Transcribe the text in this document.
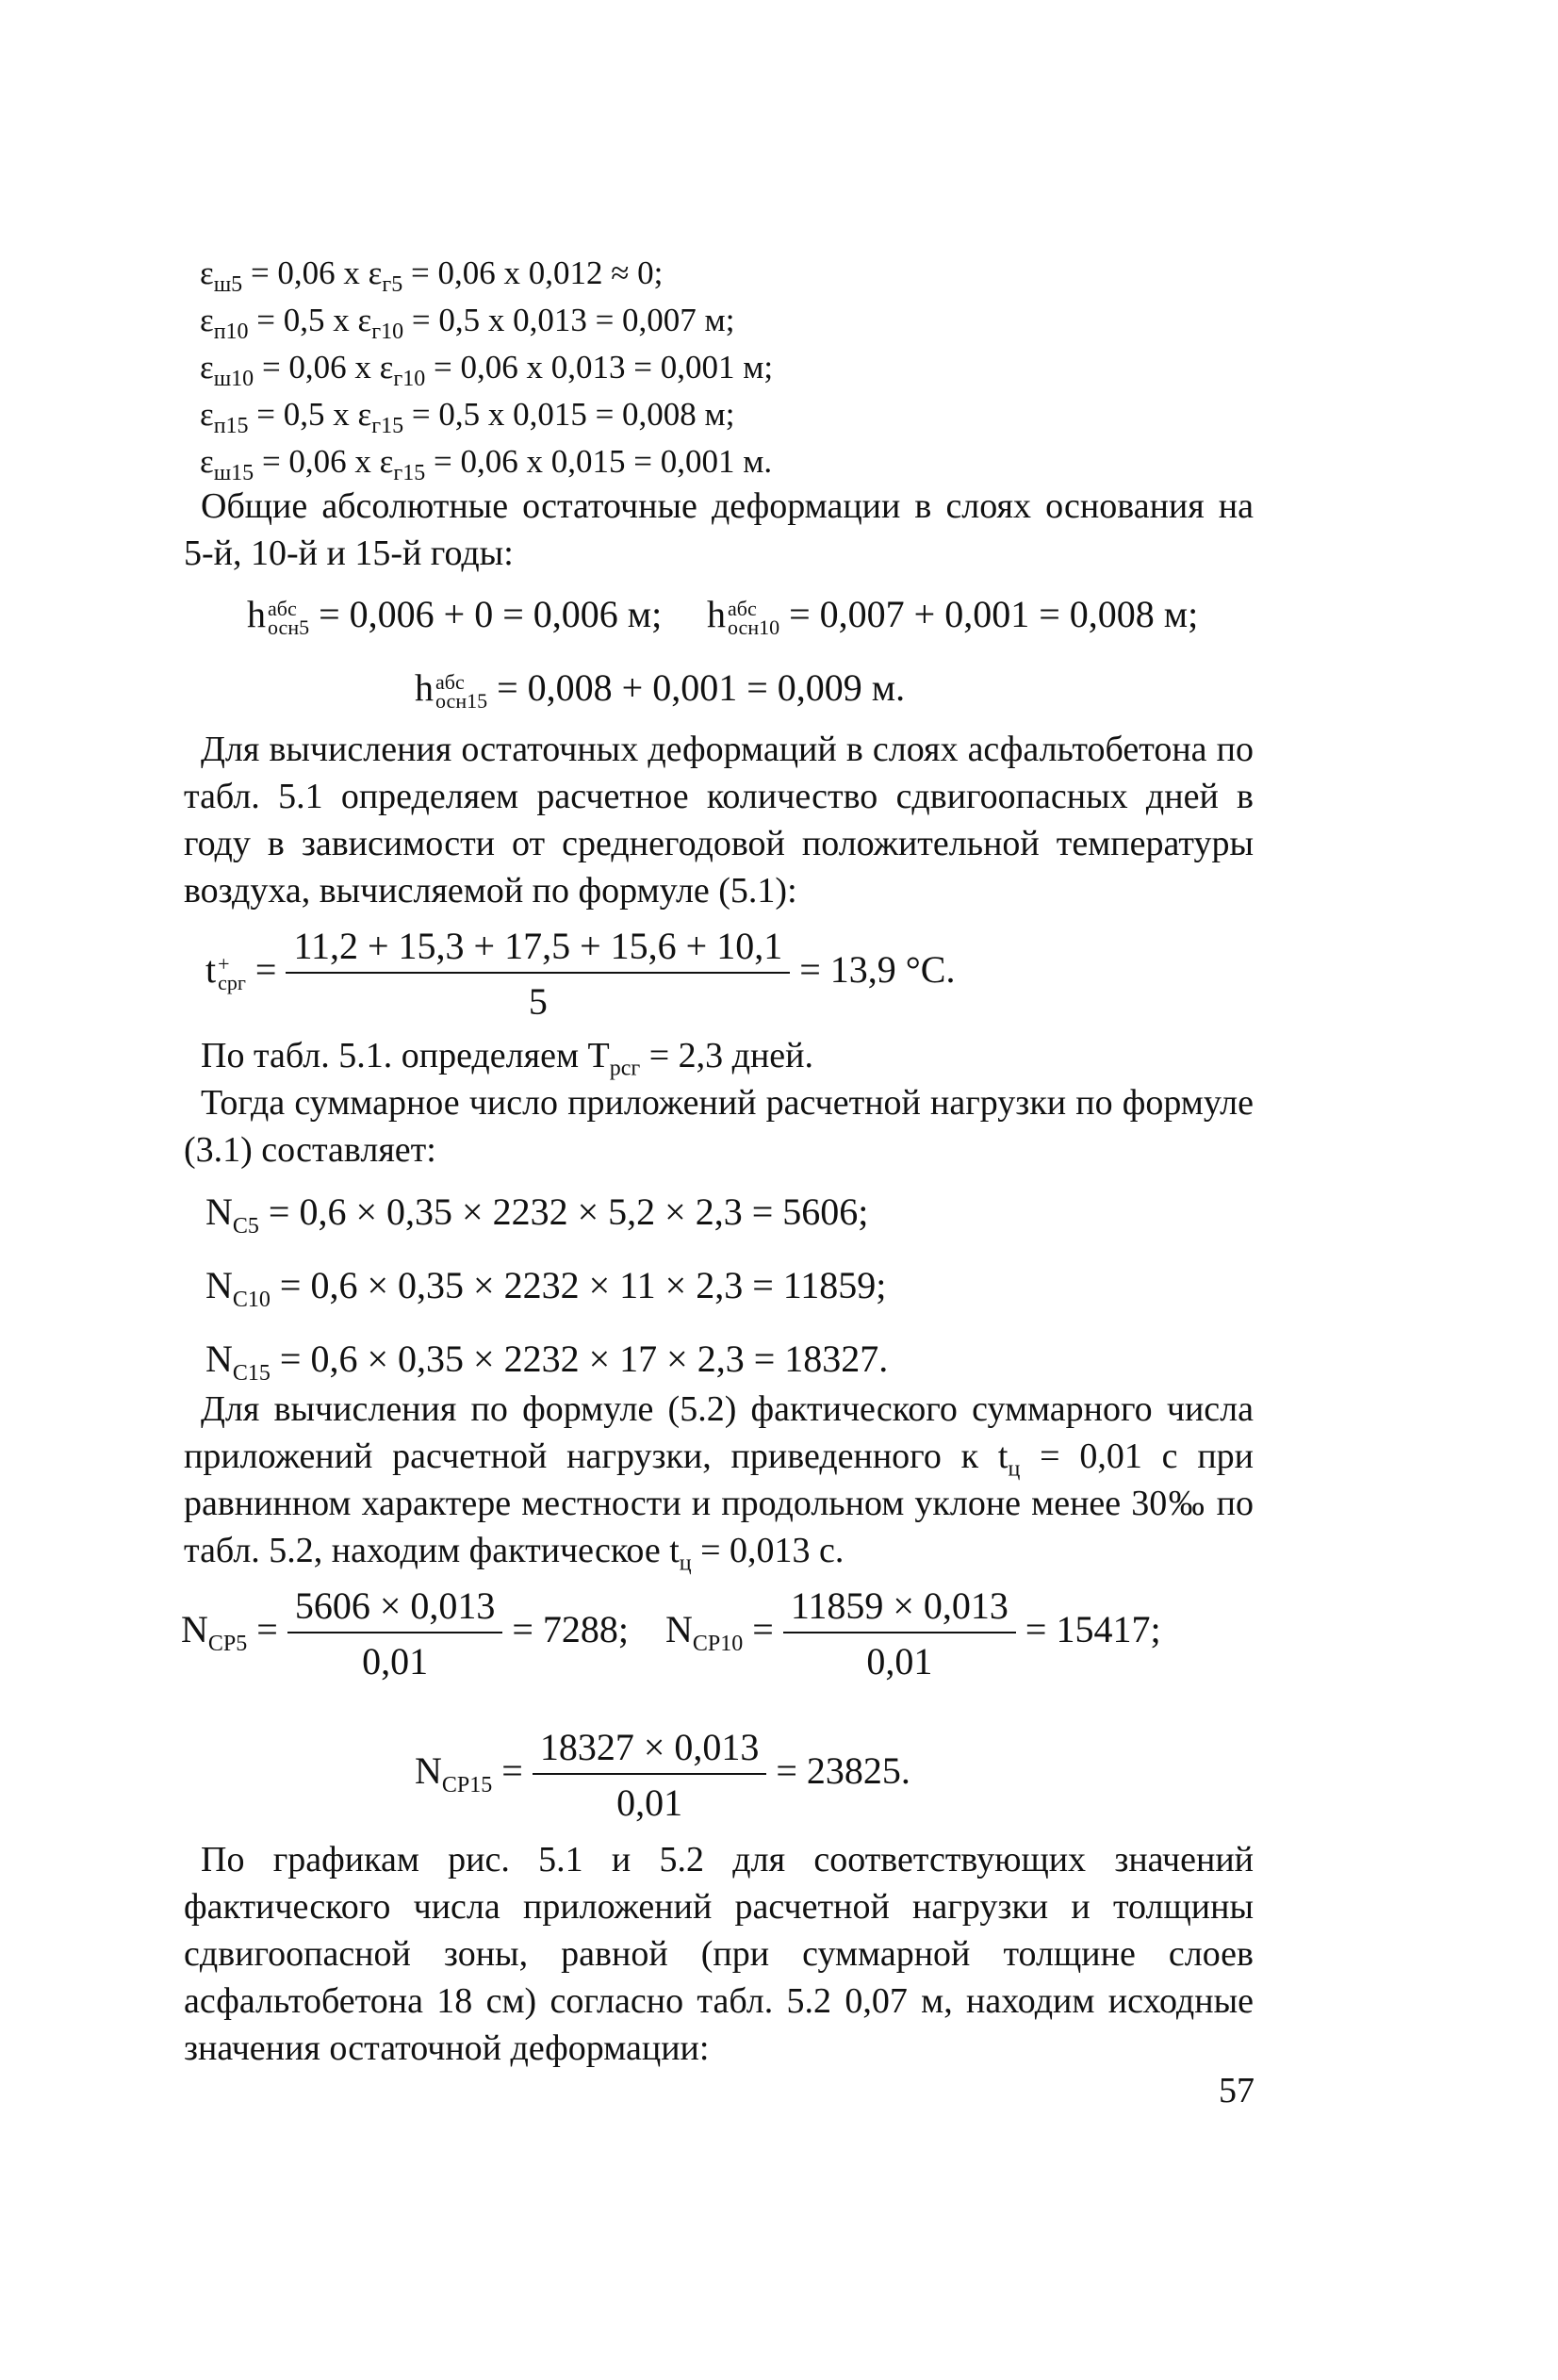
$\varepsilon_{ш5} = 0,06$ x $\varepsilon_{г5} = 0,06$ x 0,012 ≈ 0;
$\varepsilon_{п10} = 0,5$ x $\varepsilon_{г10} = 0,5$ x 0,013 = 0,007 м;
$\varepsilon_{ш10} = 0,06$ x $\varepsilon_{г10} = 0,06$ x 0,013 = 0,001 м;
$\varepsilon_{п15} = 0,5$ x $\varepsilon_{г15} = 0,5$ x 0,015 = 0,008 м;
$\varepsilon_{ш15} = 0,06$ x $\varepsilon_{г15} = 0,06$ x 0,015 = 0,001 м.
Общие абсолютные остаточные деформации в слоях основания на 5-й, 10-й и 15-й годы:
h абс
осн5 = 0,006 + 0 = 0,006 м; h абс
осн10 = 0,007 + 0,001 = 0,008 м;
h абс
осн15 = 0,008 + 0,001 = 0,009 м.
Для вычисления остаточных деформаций в слоях асфальтобетона по табл. 5.1 определяем расчетное количество сдвигоопасных дней в году в зависимости от среднегодовой положительной температуры воздуха, вычисляемой по формуле (5.1):
t +
срг = $\frac{11,2 + 15,3 + 17,5 + 15,6 + 10,1}{5} = 13,9$ °С.
По табл. 5.1. определяем $T_{рсг} = 2,3$ дней.
Тогда суммарное число приложений расчетной нагрузки по формуле (3.1) составляет:
$N_{С5} = 0,6 \times 0,35 \times 2232 \times 5,2 \times 2,3 = 5606$;
$N_{С10} = 0,6 \times 0,35 \times 2232 \times 11 \times 2,3 = 11859$;
$N_{С15} = 0,6 \times 0,35 \times 2232 \times 17 \times 2,3 = 18327$.
Для вычисления по формуле (5.2) фактического суммарного числа приложений расчетной нагрузки, приведенного к $t_ц = 0,01$ с при равнинном характере местности и продольном уклоне менее 30‰ по табл. 5.2, находим фактическое $t_ц = 0,013$ с.
$N_{СР5} = \frac{5606 \times 0,013}{0,01} = 7288$; $N_{СР10} = \frac{11859 \times 0,013}{0,01} = 15417$;
$N_{СР15} = \frac{18327 \times 0,013}{0,01} = 23825$.
По графикам рис. 5.1 и 5.2 для соответствующих значений фактического числа приложений расчетной нагрузки и толщины сдвигоопасной зоны, равной (при суммарной толщине слоев асфальтобетона 18 см) согласно табл. 5.2 0,07 м, находим исходные значения остаточной деформации:
57
